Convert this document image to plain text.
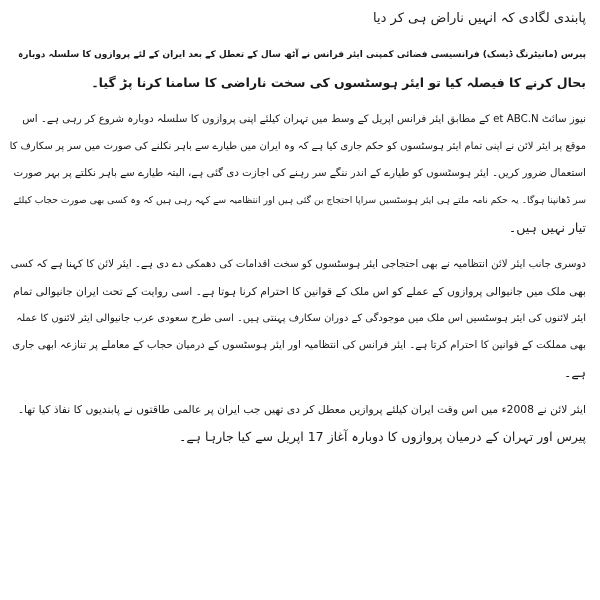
پابندی لگادی کہ انہیں ناراض ہی کر دیا

پیرس (مانیٹرنگ ڈیسک) فرانسیسی فضائی کمپنی ایئر فرانس نے آٹھ سال کے تعطل کے بعد ایران کے لئے پروازوں کا سلسلہ دوبارہ
بحال کرنے کا فیصلہ کیا تو ایئر ہوسٹسوں کی سخت ناراضی کا سامنا کرنا پڑ گیا۔

نیوز سائٹ et ABC.N کے مطابق ایئر فرانس اپریل کے وسط میں تہران کیلئے اپنی پروازوں کا سلسلہ دوبارہ شروع کر رہی ہے۔ اس
موقع پر ایئر لائن نے اپنی تمام ایئر ہوسٹسوں کو حکم جاری کیا ہے کہ وہ ایران میں طیارے سے باہر نکلنے کی صورت میں سر پر سکارف کا
استعمال ضرور کریں۔ ایئر ہوسٹسوں کو طیارے کے اندر ننگے سر رہنے کی اجازت دی گئی ہے، البتہ طیارے سے باہر نکلتے پر بہر صورت
سر ڈھانپنا ہوگا۔ یہ حکم نامہ ملتے ہی ایئر ہوسٹسیں سراپا احتجاج بن گئی ہیں اور انتظامیہ سے کہہ رہی ہیں کہ وہ کسی بھی صورت حجاب کیلئے
تیار نہیں ہیں۔

دوسری جانب ایئر لائن انتظامیہ نے بھی احتجاجی ایئر ہوسٹسوں کو سخت اقدامات کی دھمکی دے دی ہے۔ ایئر لائن کا کہنا ہے کہ کسی
بھی ملک میں جانیوالی پروازوں کے عملے کو اس ملک کے قوانین کا احترام کرنا ہوتا ہے۔ اسی روایت کے تحت ایران جانیوالی تمام
ایئر لائنوں کی ایئر ہوسٹسیں اس ملک میں موجودگی کے دوران سکارف پہنتی ہیں۔ اسی طرح سعودی عرب جانیوالی ایئر لائنوں کا عملہ
بھی مملکت کے قوانین کا احترام کرتا ہے۔ ایئر فرانس کی انتظامیہ اور ایئر ہوسٹسوں کے درمیان حجاب کے معاملے پر تنازعہ ابھی جاری
ہے۔

ایئر لائن نے 2008ء میں اس وقت ایران کیلئے پروازیں معطل کر دی تھیں جب ایران پر عالمی طاقتوں نے پابندیوں کا نفاذ کیا تھا۔
پیرس اور تہران کے درمیان پروازوں کا دوبارہ آغاز 17 اپریل سے کیا جارہا ہے۔
